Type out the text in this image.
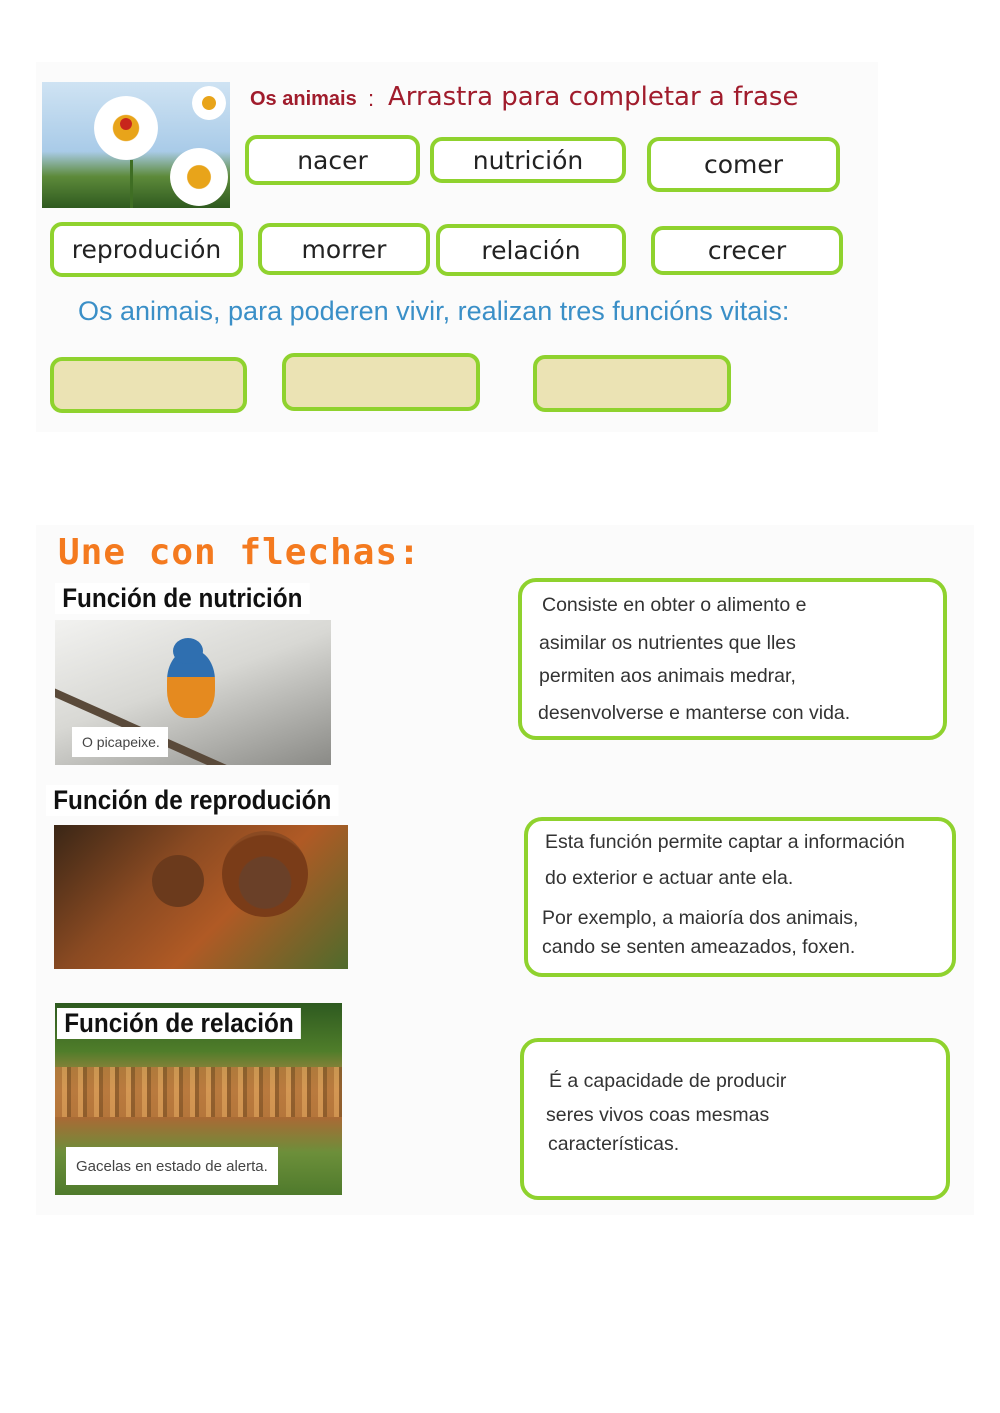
Os animais : Arrastra para completar a frase
nacer	nutrición	comer
reprodución	morrer	relación	crecer
Os animais, para poderen vivir, realizan tres funcións vitais:
Une con flechas:
Función de nutrición
O picapeixe.
Función de reprodución
Función de relación
Gacelas en estado de alerta.

Consiste en obter o alimento e

asimilar os nutrientes que lles

permiten aos animais medrar,

desenvolverse e manterse con vida.

Esta función permite captar a información

do exterior e actuar ante ela.

Por exemplo, a maioría dos animais,

cando se senten ameazados, foxen.

É a capacidade de producir

seres vivos coas mesmas

características.
